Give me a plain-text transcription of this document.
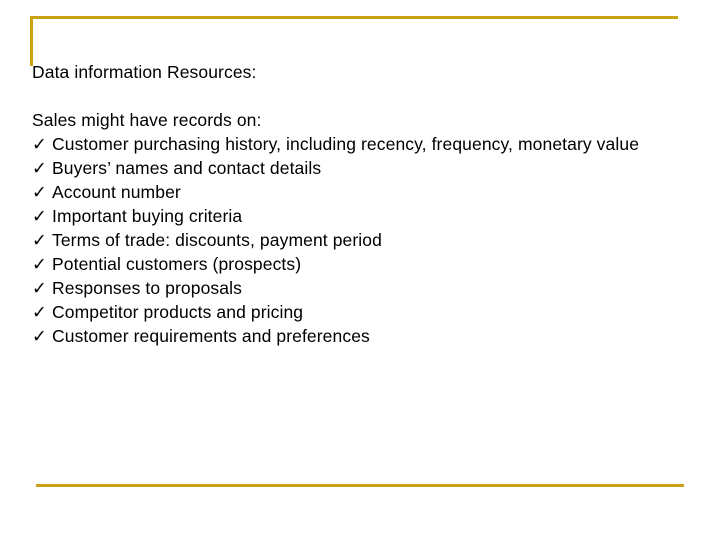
Data information Resources:
Sales might have records on:
✓ Customer purchasing history, including recency, frequency, monetary value
✓ Buyers’ names and contact details
✓ Account number
✓ Important buying criteria
✓ Terms of trade: discounts, payment period
✓ Potential customers (prospects)
✓ Responses to proposals
✓ Competitor products and pricing
✓ Customer requirements and preferences
